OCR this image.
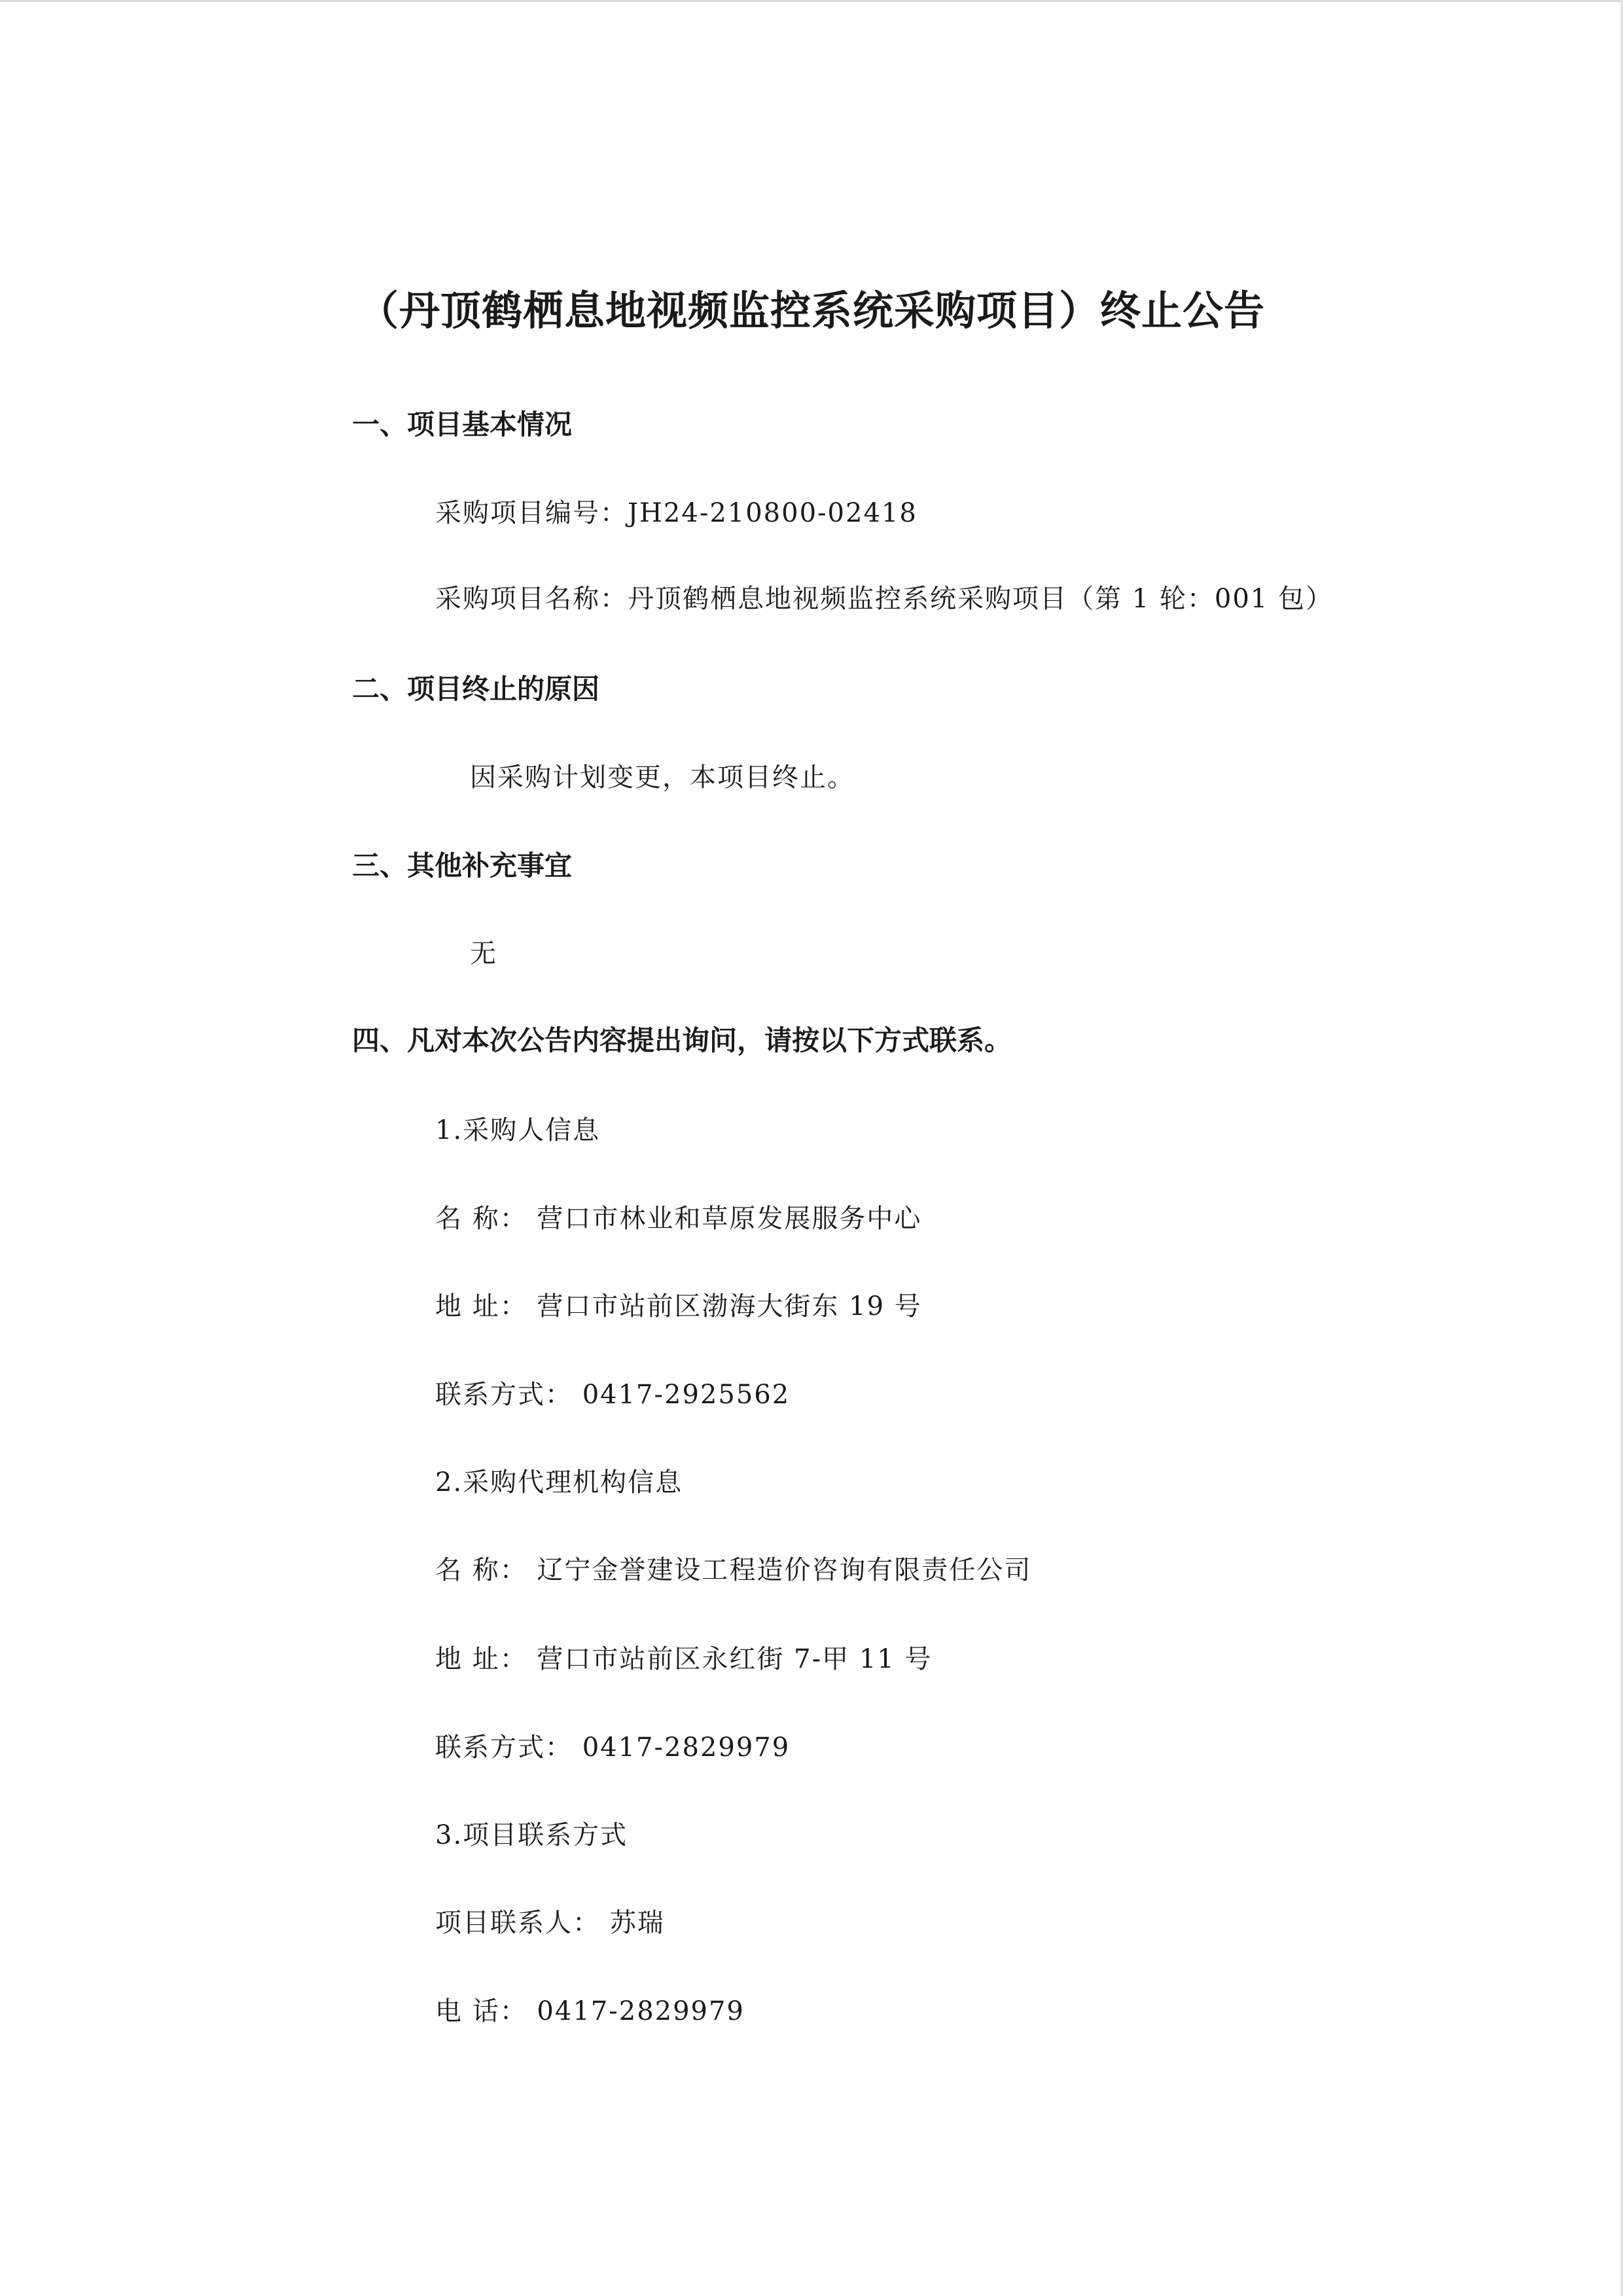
（丹顶鹤栖息地视频监控系统采购项目）终止公告
一、项目基本情况
采购项目编号：JH24-210800-02418
采购项目名称：丹顶鹤栖息地视频监控系统采购项目（第 1 轮：001 包）
二、项目终止的原因
因采购计划变更，本项目终止。
三、其他补充事宜
无
四、凡对本次公告内容提出询问，请按以下方式联系。
1.采购人信息
名 称： 营口市林业和草原发展服务中心
地 址： 营口市站前区渤海大街东 19 号
联系方式： 0417-2925562
2.采购代理机构信息
名 称： 辽宁金誉建设工程造价咨询有限责任公司
地 址： 营口市站前区永红街 7-甲 11 号
联系方式： 0417-2829979
3.项目联系方式
项目联系人： 苏瑞
电 话： 0417-2829979
